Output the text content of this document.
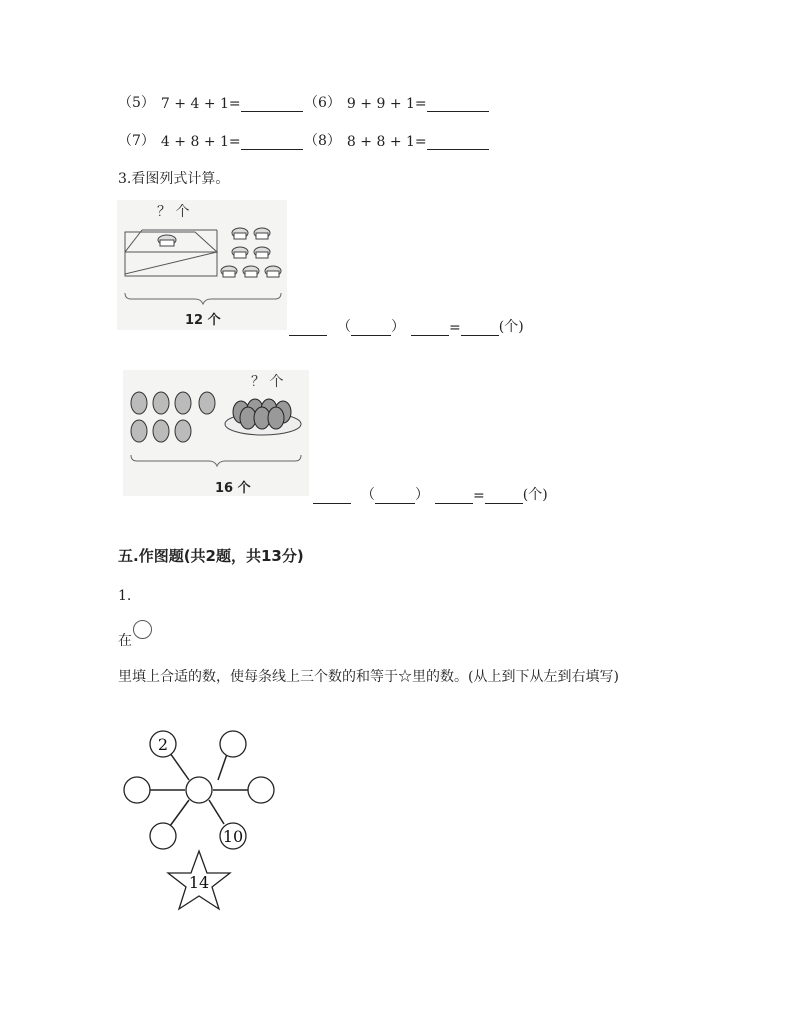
（5） 7 + 4 + 1=	（6） 9 + 9 + 1=
（7） 4 + 8 + 1=	（8） 8 + 8 + 1=
3.看图列式计算。
？ 个
12 个	（	）	=	(个)
？ 个
16 个	（	）	=	(个)
五.作图题(共2题，共13分)
1.
在
里填上合适的数，使每条线上三个数的和等于☆里的数。(从上到下从左到右填写)
2
10
14
